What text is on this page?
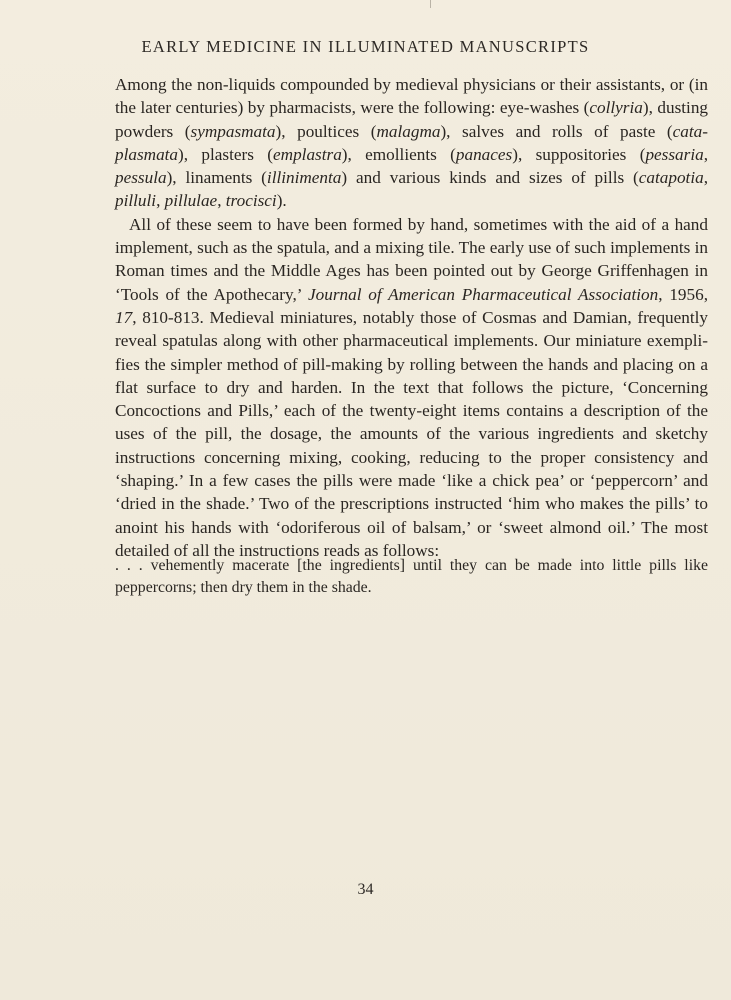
EARLY MEDICINE IN ILLUMINATED MANUSCRIPTS

Among the non-liquids compounded by medieval physicians or their assistants, or (in the later centuries) by pharmacists, were the following: eye-washes (collyria), dusting powders (sympasmata), poultices (malagma), salves and rolls of paste (cataplasmata), plasters (emplastra), emollients (panaces), suppositories (pessaria, pessula), linaments (illinimenta) and various kinds and sizes of pills (catapotia, pilluli, pillulae, trocisci).

All of these seem to have been formed by hand, sometimes with the aid of a hand implement, such as the spatula, and a mixing tile. The early use of such implements in Roman times and the Middle Ages has been pointed out by George Griffenhagen in ‘Tools of the Apothecary,’ Journal of American Pharmaceutical Association, 1956, 17, 810-813. Medieval miniatures, notably those of Cosmas and Damian, frequently reveal spatulas along with other pharmaceutical implements. Our miniature exemplifies the simpler method of pill-making by rolling between the hands and placing on a flat surface to dry and harden. In the text that follows the picture, ‘Concerning Concoctions and Pills,’ each of the twenty-eight items contains a description of the uses of the pill, the dosage, the amounts of the various ingredients and sketchy instructions concerning mixing, cooking, reducing to the proper consistency and ‘shaping.’ In a few cases the pills were made ‘like a chick pea’ or ‘peppercorn’ and ‘dried in the shade.’ Two of the prescriptions instructed ‘him who makes the pills’ to anoint his hands with ‘odoriferous oil of balsam,’ or ‘sweet almond oil.’ The most detailed of all the instructions reads as follows:

. . . vehemently macerate [the ingredients] until they can be made into little pills like peppercorns; then dry them in the shade.
34
